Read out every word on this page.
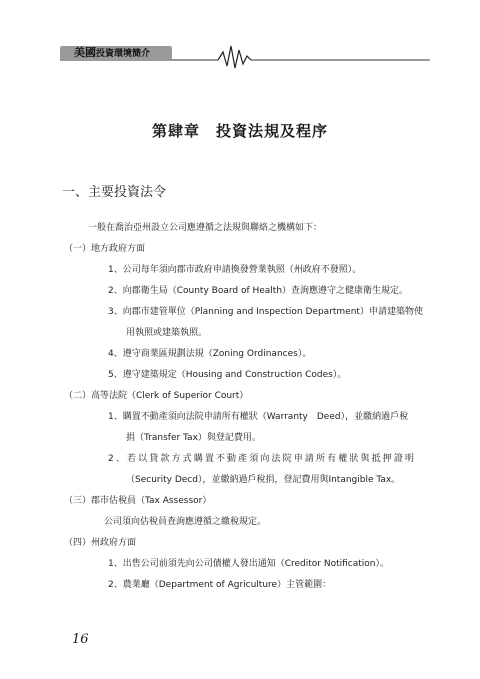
美國投資環境簡介
第肆章 投資法規及程序
一、主要投資法令
一般在喬治亞州設立公司應遵循之法規與聯絡之機構如下：
（一）地方政府方面
1、公司每年須向郡市政府申請換發營業執照（州政府不發照）。
2、向郡衛生局（County Board of Health）查詢應遵守之健康衛生規定。
3、向郡市建管單位（Planning and Inspection Department）申請建築物使
用執照或建築執照。
4、遵守商業區規劃法規（Zoning Ordinances）。
5、遵守建築規定（Housing and Construction Codes）。
（二）高等法院（Clerk of Superior Court）
1、購置不動產須向法院申請所有權狀（Warranty　Deed），並繳納過戶稅
捐（Transfer Tax）與登記費用。
2、若以貸款方式購置不動產須向法院申請所有權狀與抵押證明
（Security Decd），並繳納過戶稅捐，登記費用與Intangible Tax。
（三）郡市估稅員（Tax Assessor）
公司須向估稅員查詢應遵循之繳稅規定。
（四）州政府方面
1、出售公司前須先向公司債權人發出通知（Creditor Notification）。
2、農業廳（Department of Agriculture）主管範圍：
16
